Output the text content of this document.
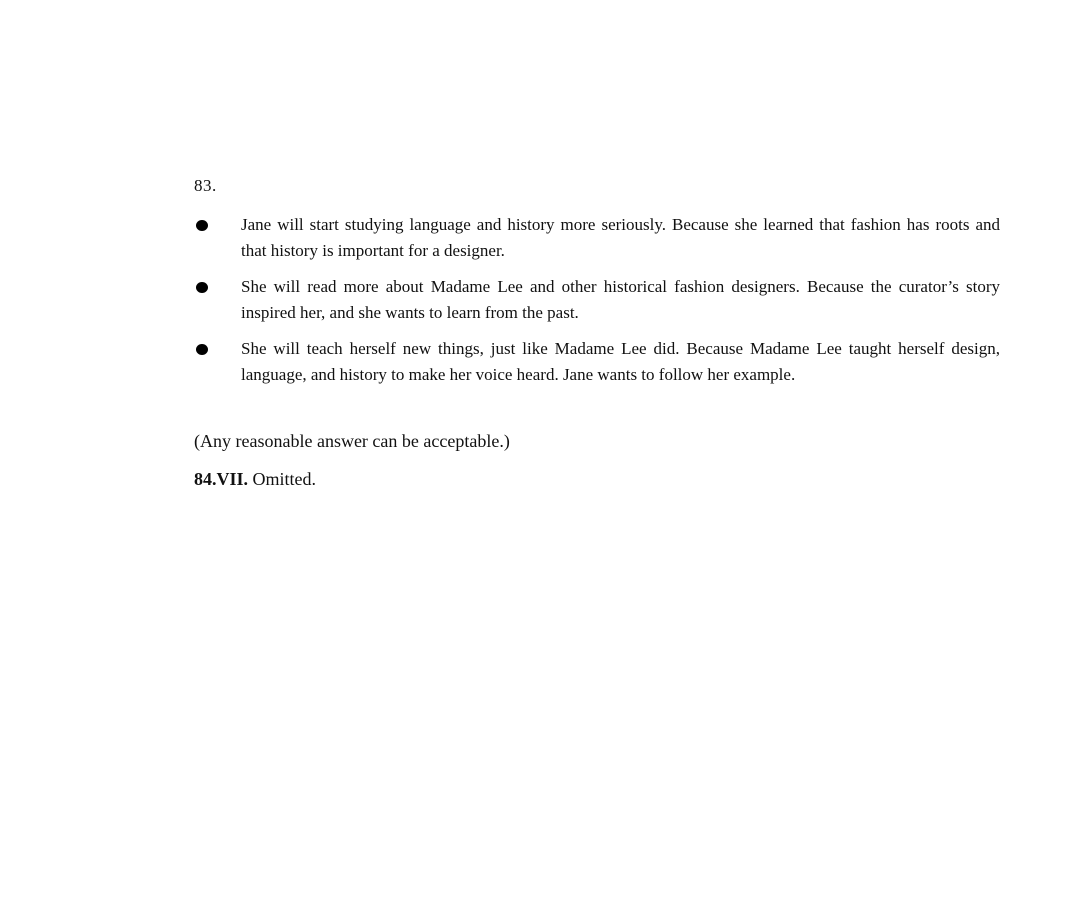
83.
Jane will start studying language and history more seriously. Because she learned that fashion has roots and that history is important for a designer.
She will read more about Madame Lee and other historical fashion designers. Because the curator’s story inspired her, and she wants to learn from the past.
She will teach herself new things, just like Madame Lee did. Because Madame Lee taught herself design, language, and history to make her voice heard. Jane wants to follow her example.
(Any reasonable answer can be acceptable.)
84.VII. Omitted.
